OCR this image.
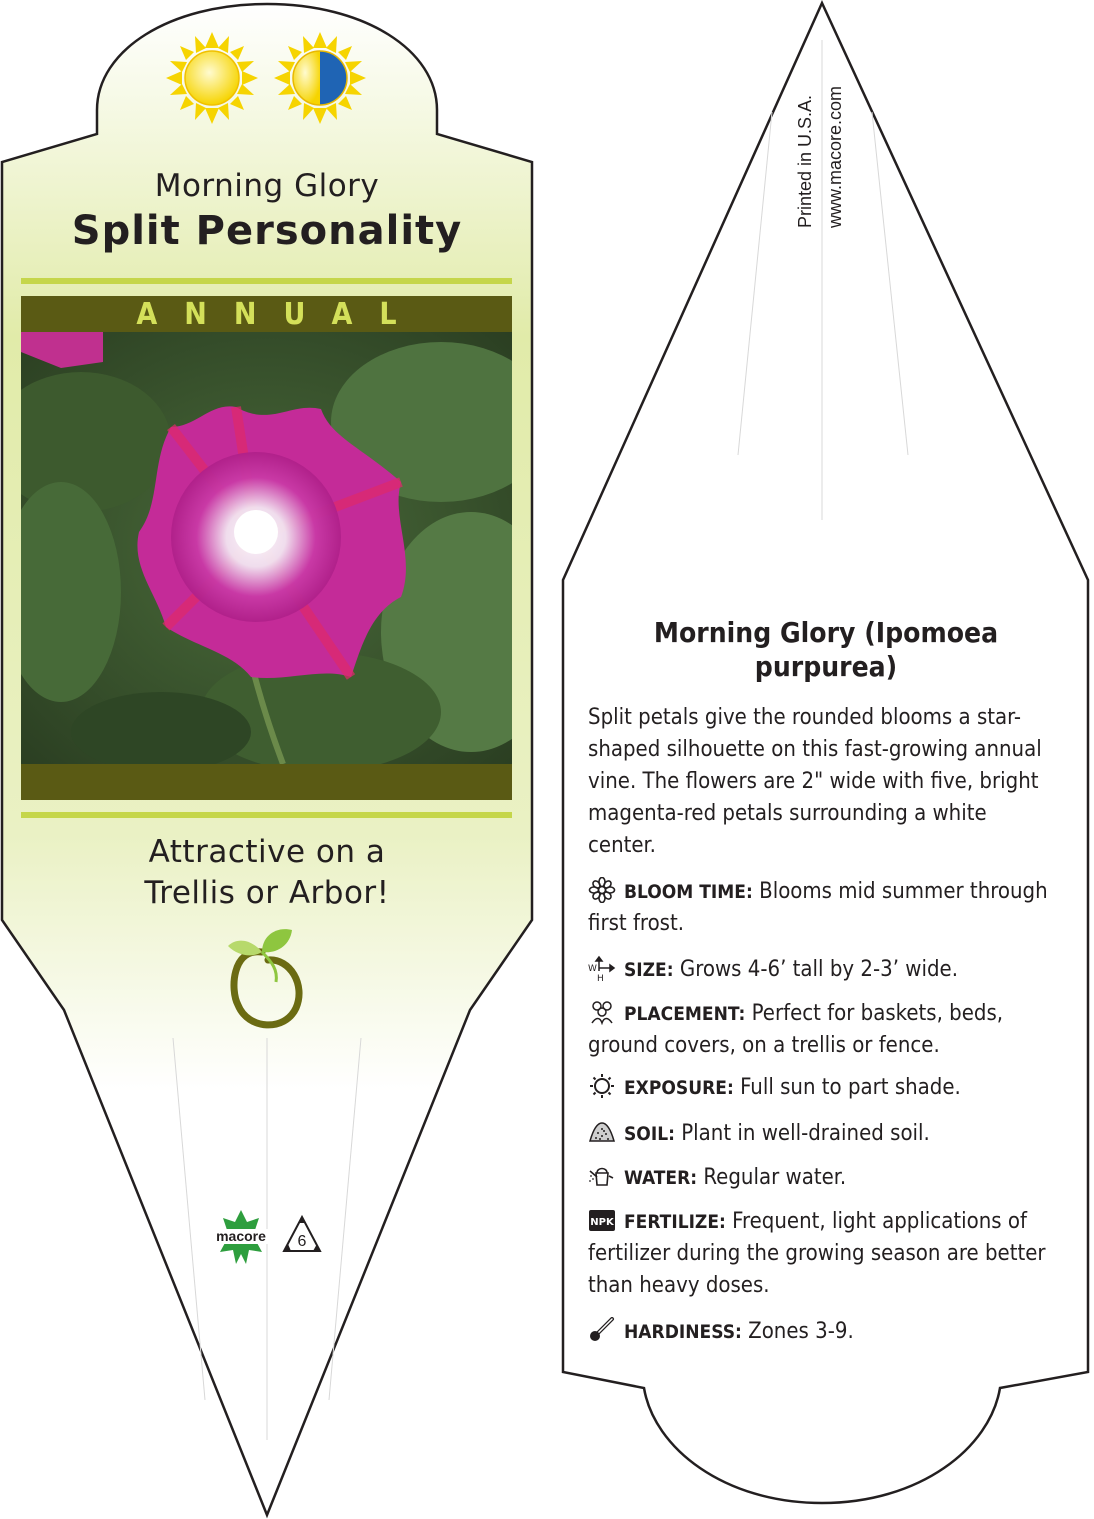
Morning Glory
Split Personality
ANNUAL
Attractive on a
Trellis or Arbor!
macore 6
Printed in U.S.A. www.macore.com
Morning Glory (Ipomoea purpurea)
Split petals give the rounded blooms a star-shaped silhouette on this fast-growing annual vine. The flowers are 2" wide with five, bright magenta-red petals surrounding a white center.
BLOOM TIME: Blooms mid summer through first frost.
W
H SIZE: Grows 4-6’ tall by 2-3’ wide.
PLACEMENT: Perfect for baskets, beds, ground covers, on a trellis or fence.
EXPOSURE: Full sun to part shade.
SOIL: Plant in well-drained soil.
WATER: Regular water.
NPK FERTILIZE: Frequent, light applications of fertilizer during the growing season are better than heavy doses.
HARDINESS: Zones 3-9.
